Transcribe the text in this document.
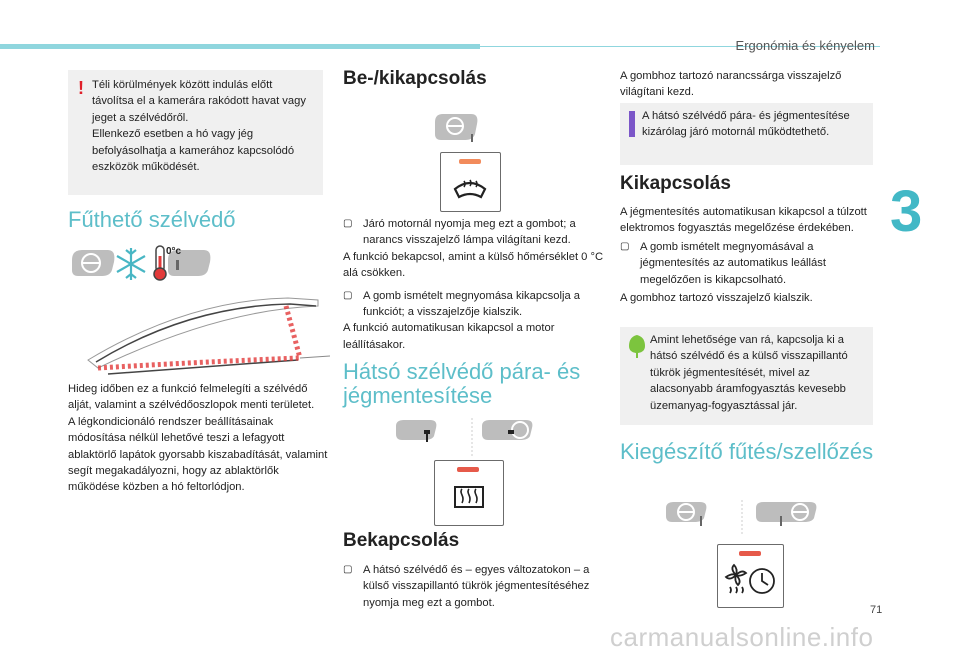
Ergonómia és kényelem
3
! Téli körülmények között indulás előtt távolítsa el a kamerára rakódott havat vagy jeget a szélvédőről.
Ellenkező esetben a hó vagy jég befolyásolhatja a kamerához kapcsolódó eszközök működését.
Fűthető szélvédő
0°c
Hideg időben ez a funkció felmelegíti a szélvédő alját, valamint a szélvédőoszlopok menti területet.
A légkondicionáló rendszer beállításainak módosítása nélkül lehetővé teszi a lefagyott ablaktörlő lapátok gyorsabb kiszabadítását, valamint segít megakadályozni, hogy az ablaktörlők működése közben a hó feltorlódjon.
Be-/kikapcsolás
▢ Járó motornál nyomja meg ezt a gombot; a narancs visszajelző lámpa világítani kezd.
A funkció bekapcsol, amint a külső hőmérséklet 0 °C alá csökken.
▢ A gomb ismételt megnyomása kikapcsolja a funkciót; a visszajelzője kialszik.
A funkció automatikusan kikapcsol a motor leállításakor.
Hátsó szélvédő pára- és jégmentesítése
Bekapcsolás
▢ A hátsó szélvédő és – egyes változatokon – a külső visszapillantó tükrök jégmentesítéséhez nyomja meg ezt a gombot.
A gombhoz tartozó narancssárga visszajelző világítani kezd.
A hátsó szélvédő pára- és jégmentesítése kizárólag járó motornál működtethető.
Kikapcsolás
A jégmentesítés automatikusan kikapcsol a túlzott elektromos fogyasztás megelőzése érdekében.
▢ A gomb ismételt megnyomásával a jégmentesítés az automatikus leállást megelőzően is kikapcsolható.
A gombhoz tartozó visszajelző kialszik.
Amint lehetősége van rá, kapcsolja ki a hátsó szélvédő és a külső visszapillantó tükrök jégmentesítését, mivel az alacsonyabb áramfogyasztás kevesebb üzemanyag-fogyasztással jár.
Kiegészítő fűtés/szellőzés
71
carmanualsonline.info
